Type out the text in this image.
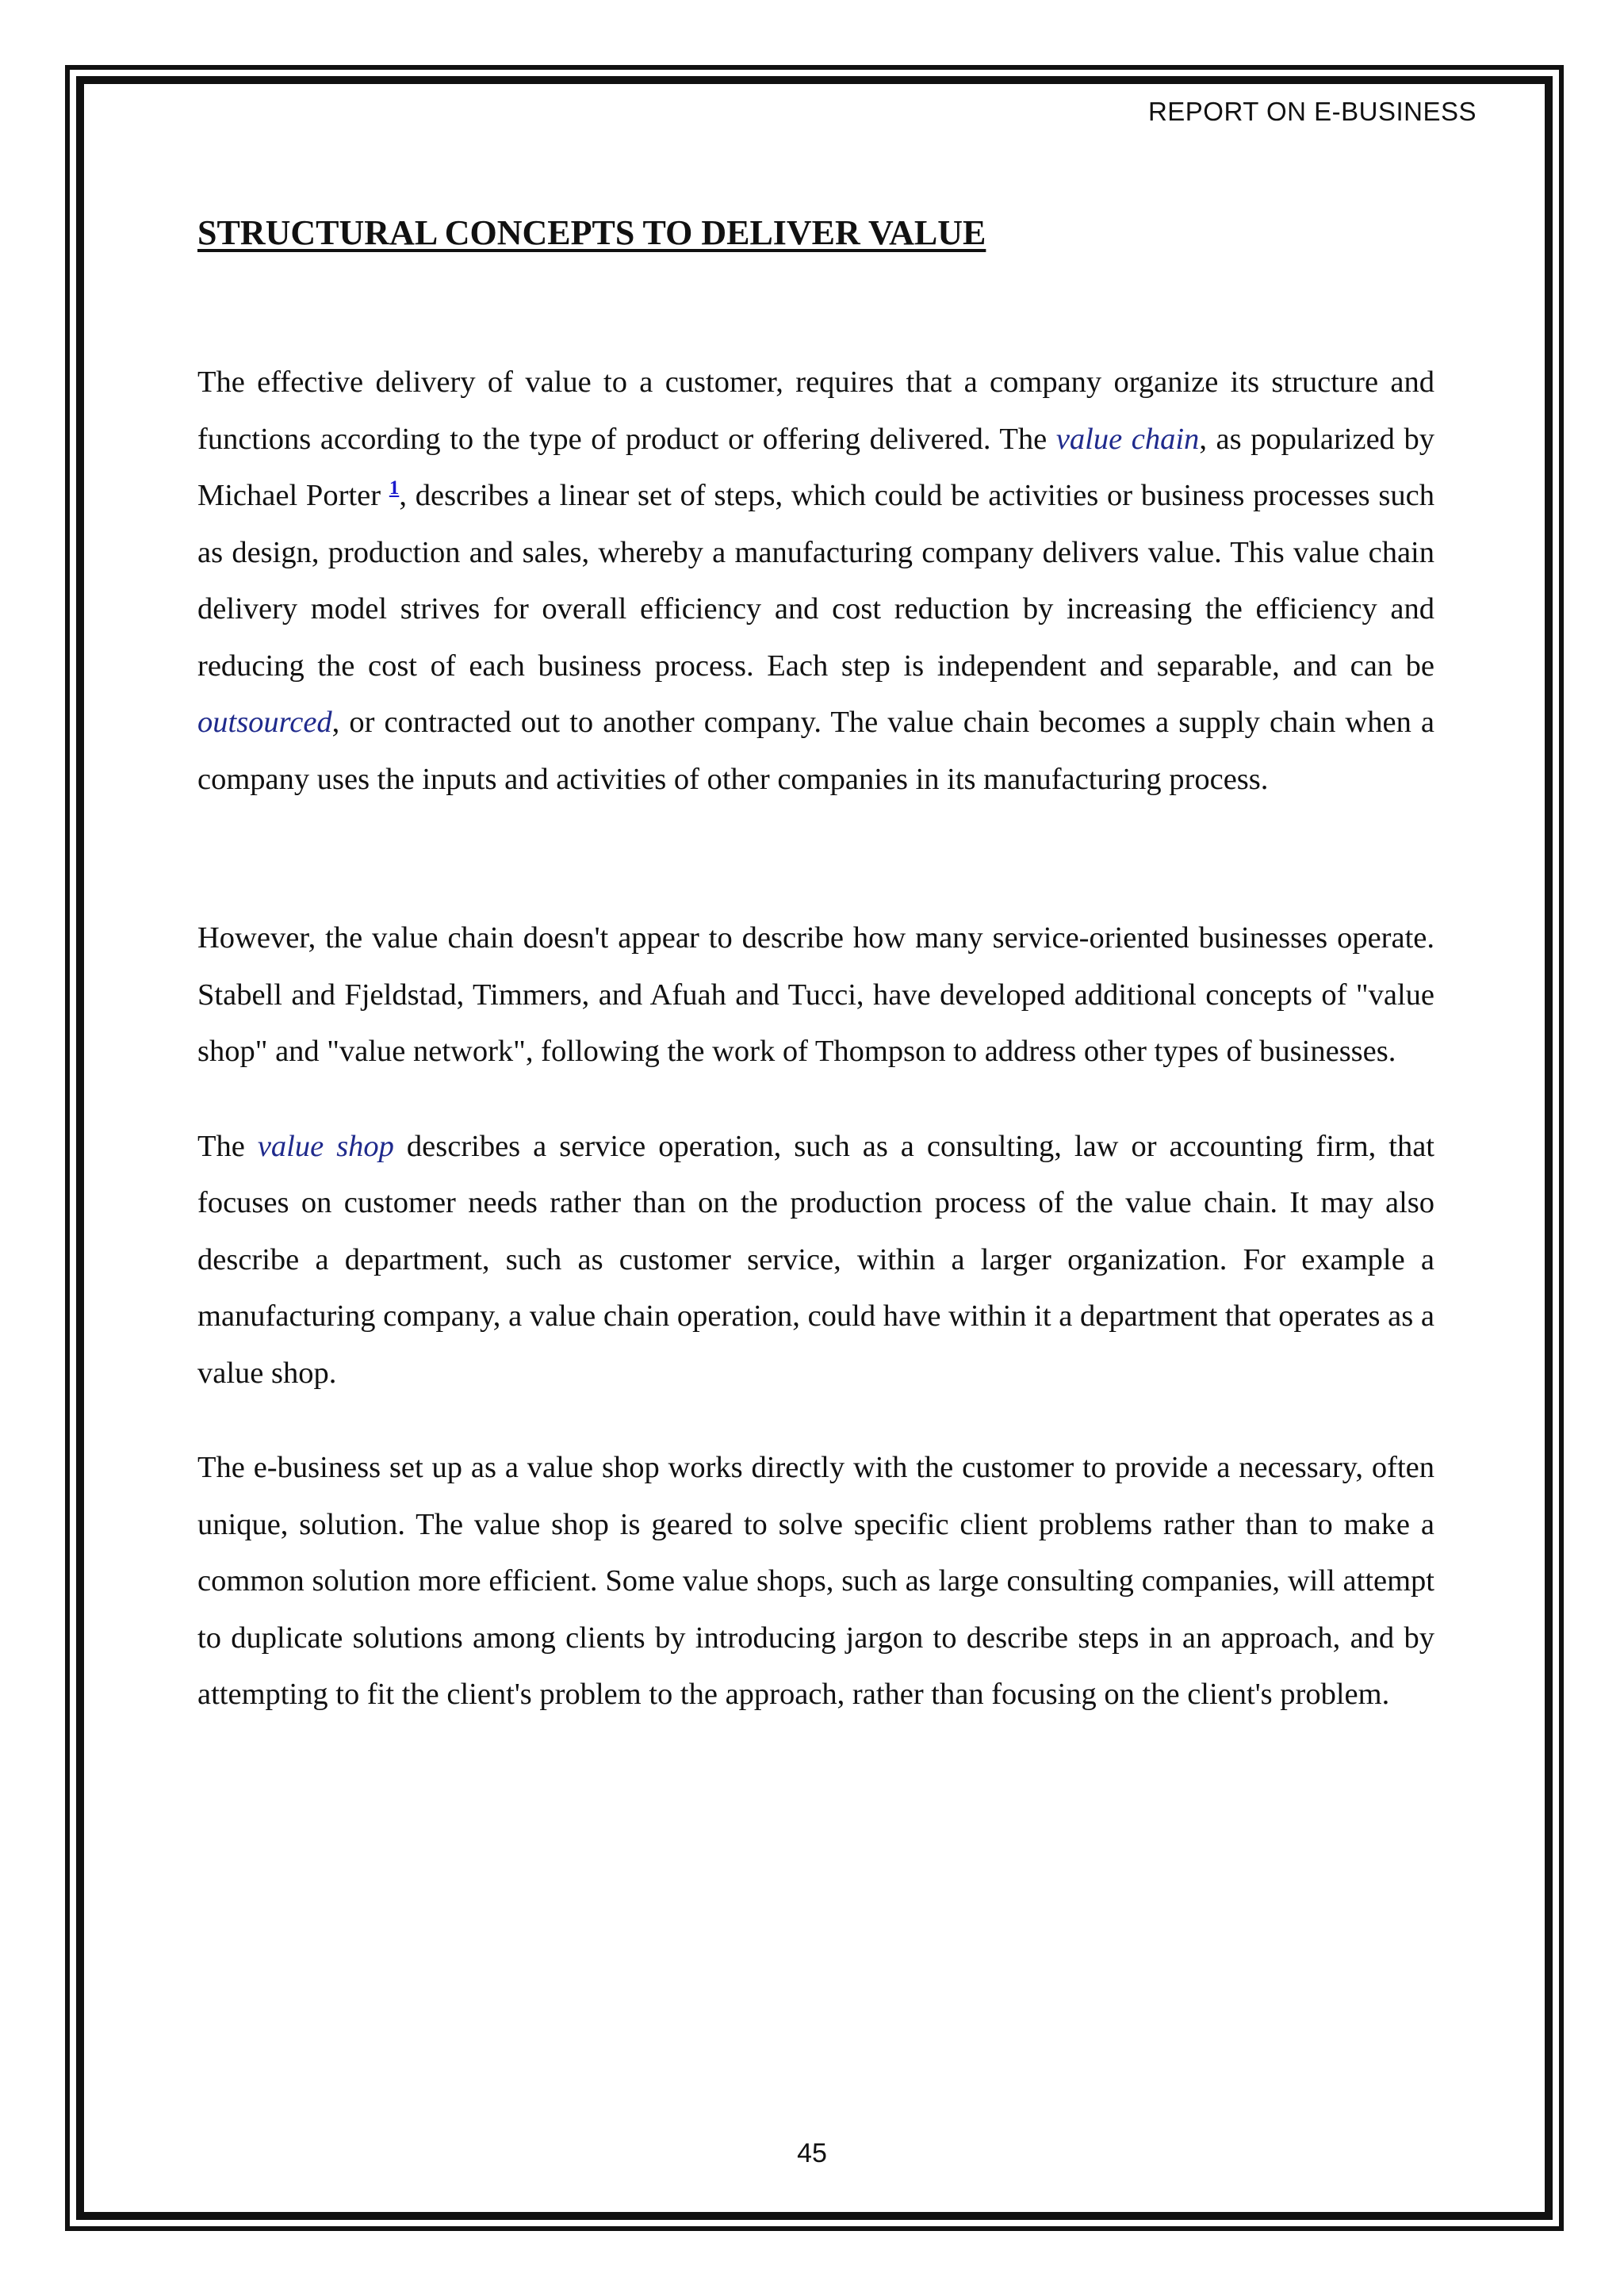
REPORT ON E-BUSINESS
STRUCTURAL CONCEPTS TO DELIVER VALUE

The effective delivery of value to a customer, requires that a company organize its structure and functions according to the type of product or offering delivered. The value chain, as popularized by Michael Porter $^1$, describes a linear set of steps, which could be activities or business processes such as design, production and sales, whereby a manufacturing company delivers value. This value chain delivery model strives for overall efficiency and cost reduction by increasing the efficiency and reducing the cost of each business process. Each step is independent and separable, and can be outsourced, or contracted out to another company. The value chain becomes a supply chain when a company uses the inputs and activities of other companies in its manufacturing process.

However, the value chain doesn't appear to describe how many service-oriented businesses operate. Stabell and Fjeldstad, Timmers, and Afuah and Tucci, have developed additional concepts of "value shop" and "value network", following the work of Thompson to address other types of businesses.

The value shop describes a service operation, such as a consulting, law or accounting firm, that focuses on customer needs rather than on the production process of the value chain. It may also describe a department, such as customer service, within a larger organization. For example a manufacturing company, a value chain operation, could have within it a department that operates as a value shop.

The e-business set up as a value shop works directly with the customer to provide a necessary, often unique, solution. The value shop is geared to solve specific client problems rather than to make a common solution more efficient. Some value shops, such as large consulting companies, will attempt to duplicate solutions among clients by introducing jargon to describe steps in an approach, and by attempting to fit the client's problem to the approach, rather than focusing on the client's problem.

45
